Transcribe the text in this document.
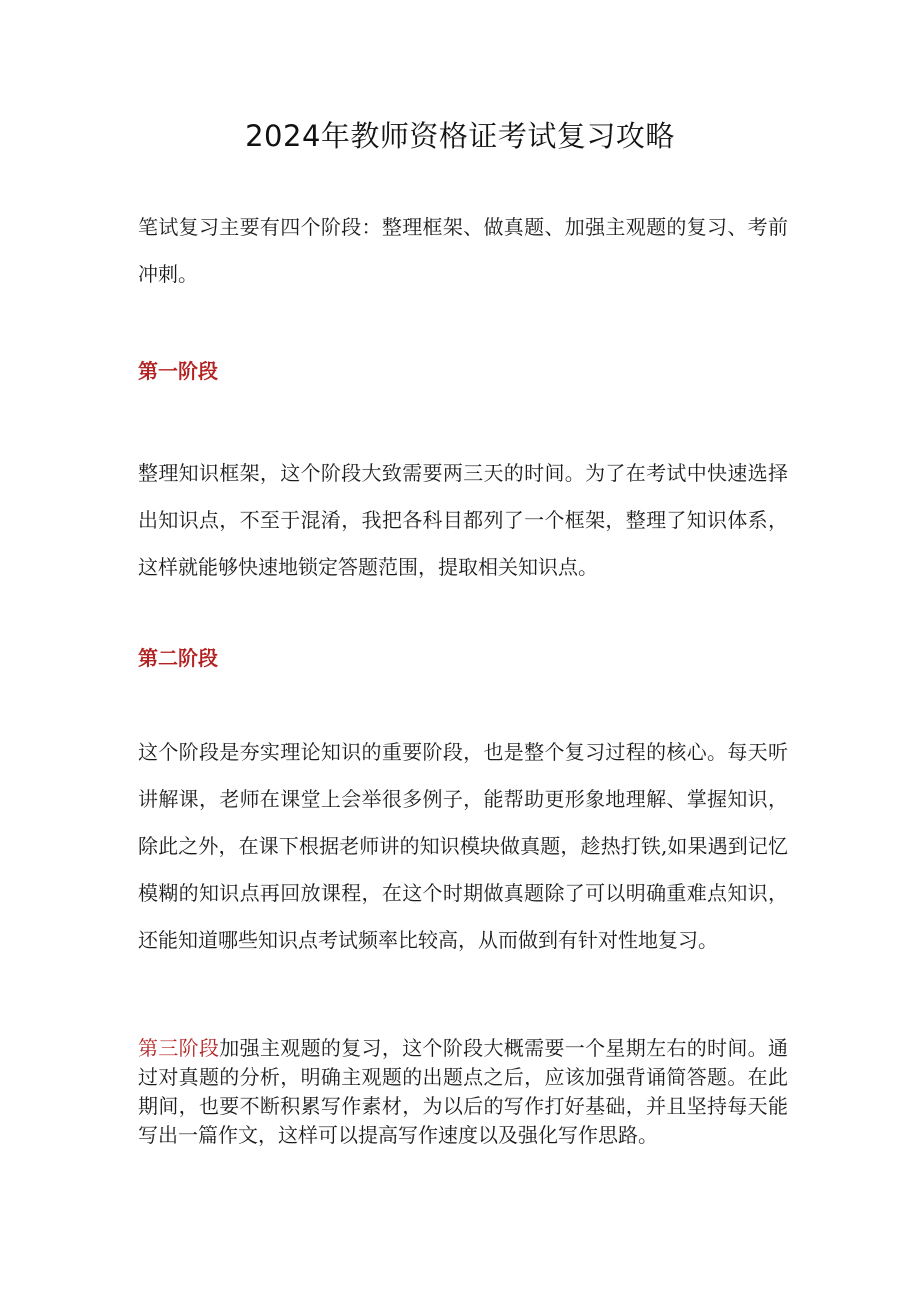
2024年教师资格证考试复习攻略

笔试复习主要有四个阶段：整理框架、做真题、加强主观题的复习、考前冲刺。

第一阶段

整理知识框架，这个阶段大致需要两三天的时间。为了在考试中快速选择出知识点，不至于混淆，我把各科目都列了一个框架，整理了知识体系，这样就能够快速地锁定答题范围，提取相关知识点。

第二阶段

这个阶段是夯实理论知识的重要阶段，也是整个复习过程的核心。每天听讲解课，老师在课堂上会举很多例子，能帮助更形象地理解、掌握知识，除此之外，在课下根据老师讲的知识模块做真题，趁热打铁,如果遇到记忆模糊的知识点再回放课程，在这个时期做真题除了可以明确重难点知识，还能知道哪些知识点考试频率比较高，从而做到有针对性地复习。

第三阶段加强主观题的复习，这个阶段大概需要一个星期左右的时间。通过对真题的分析，明确主观题的出题点之后，应该加强背诵简答题。在此期间，也要不断积累写作素材，为以后的写作打好基础，并且坚持每天能写出一篇作文，这样可以提高写作速度以及强化写作思路。
